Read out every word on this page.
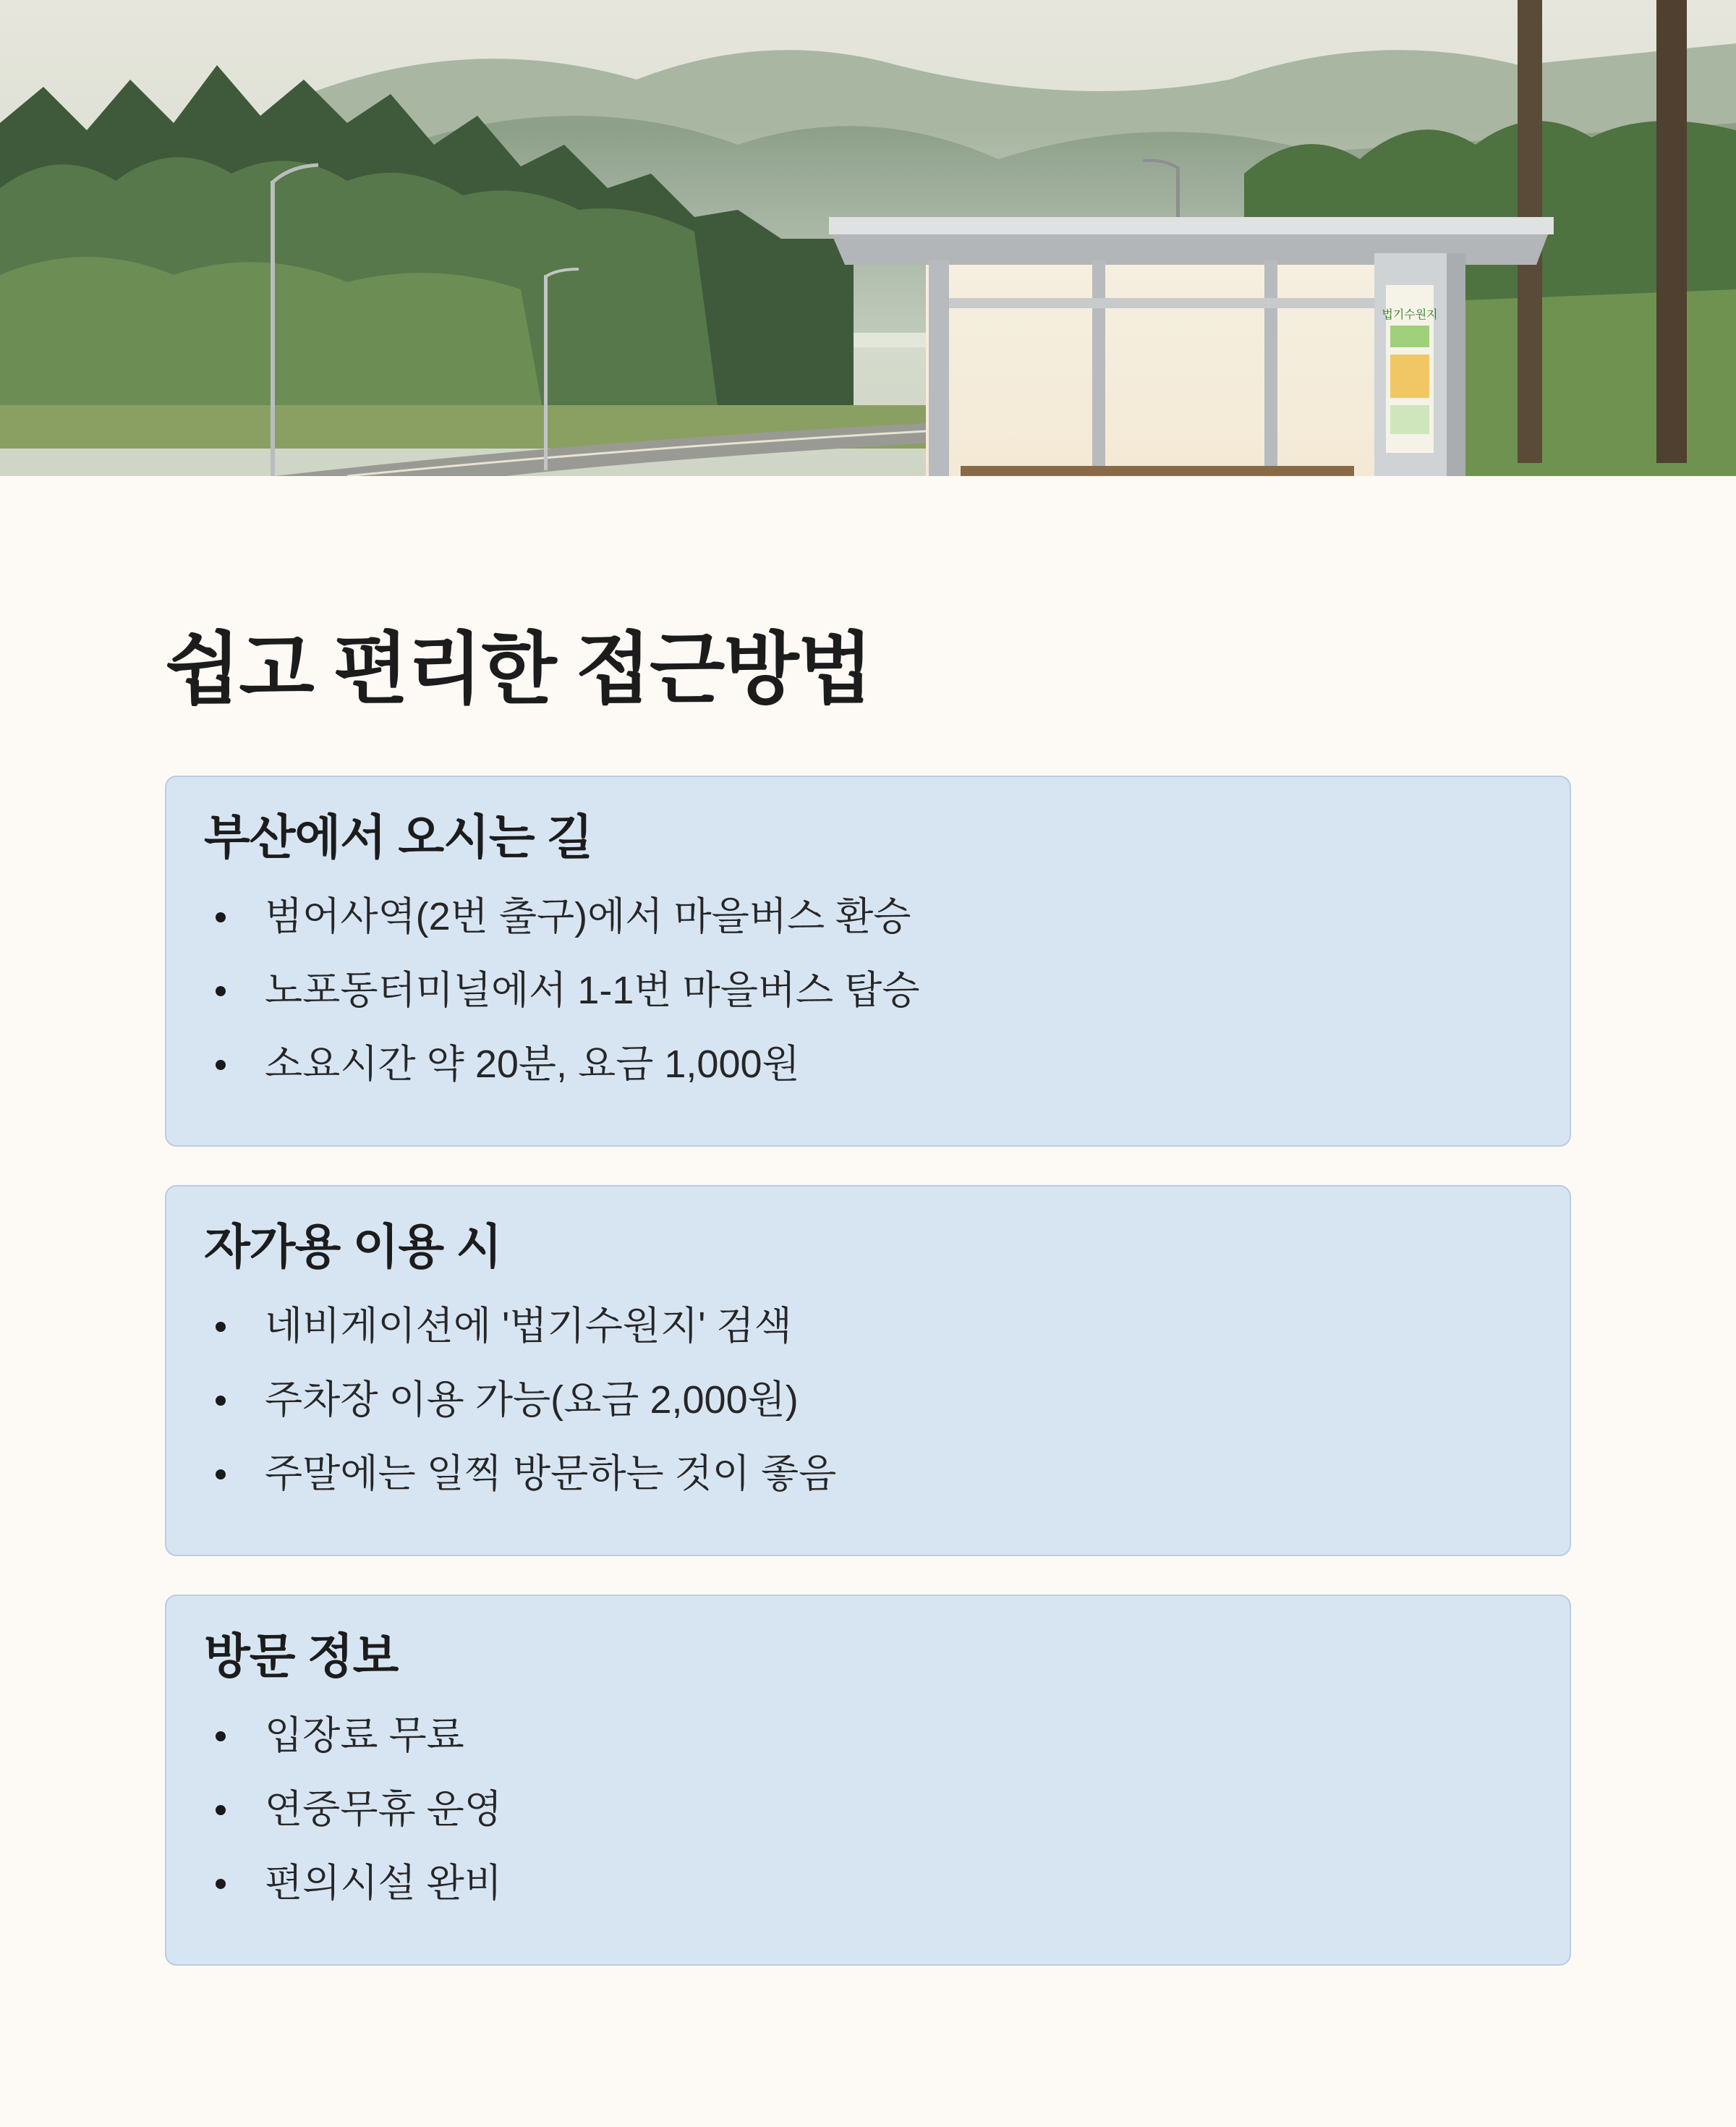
법기수원지
쉽고 편리한 접근방법
부산에서 오시는 길
범어사역(2번 출구)에서 마을버스 환승
노포동터미널에서 1-1번 마을버스 탑승
소요시간 약 20분, 요금 1,000원
자가용 이용 시
네비게이션에 '법기수원지' 검색
주차장 이용 가능(요금 2,000원)
주말에는 일찍 방문하는 것이 좋음
방문 정보
입장료 무료
연중무휴 운영
편의시설 완비
